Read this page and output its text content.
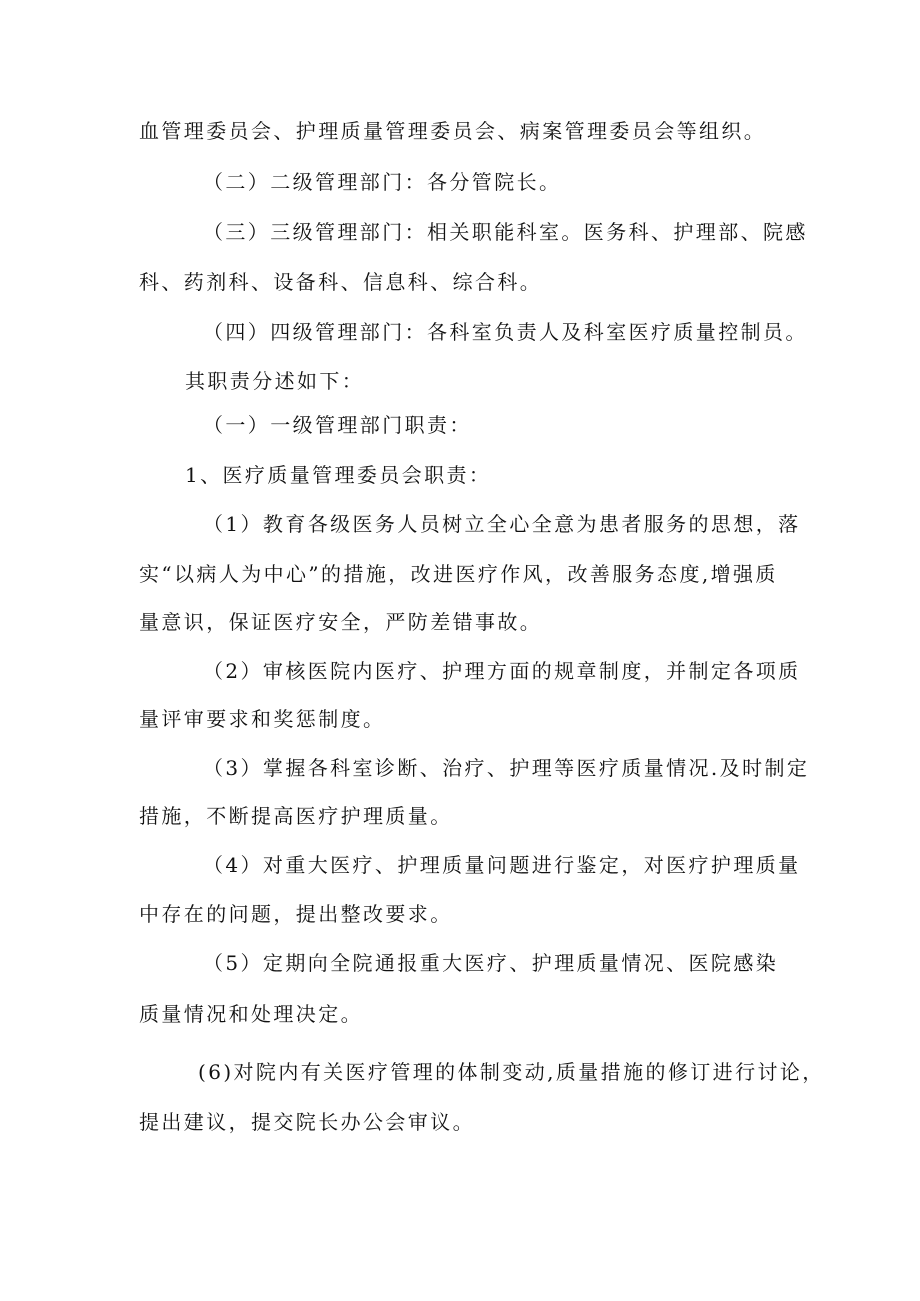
血管理委员会、护理质量管理委员会、病案管理委员会等组织。
（二）二级管理部门：各分管院长。
（三）三级管理部门：相关职能科室。医务科、护理部、院感
科、药剂科、设备科、信息科、综合科。
（四）四级管理部门：各科室负责人及科室医疗质量控制员。
其职责分述如下：
（一）一级管理部门职责：
1、医疗质量管理委员会职责：
（1）教育各级医务人员树立全心全意为患者服务的思想，落
实“以病人为中心”的措施，改进医疗作风，改善服务态度,增强质
量意识，保证医疗安全，严防差错事故。
（2）审核医院内医疗、护理方面的规章制度，并制定各项质
量评审要求和奖惩制度。
（3）掌握各科室诊断、治疗、护理等医疗质量情况.及时制定
措施，不断提高医疗护理质量。
（4）对重大医疗、护理质量问题进行鉴定，对医疗护理质量
中存在的问题，提出整改要求。
（5）定期向全院通报重大医疗、护理质量情况、医院感染
质量情况和处理决定。
(6)对院内有关医疗管理的体制变动,质量措施的修订进行讨论，
提出建议，提交院长办公会审议。
